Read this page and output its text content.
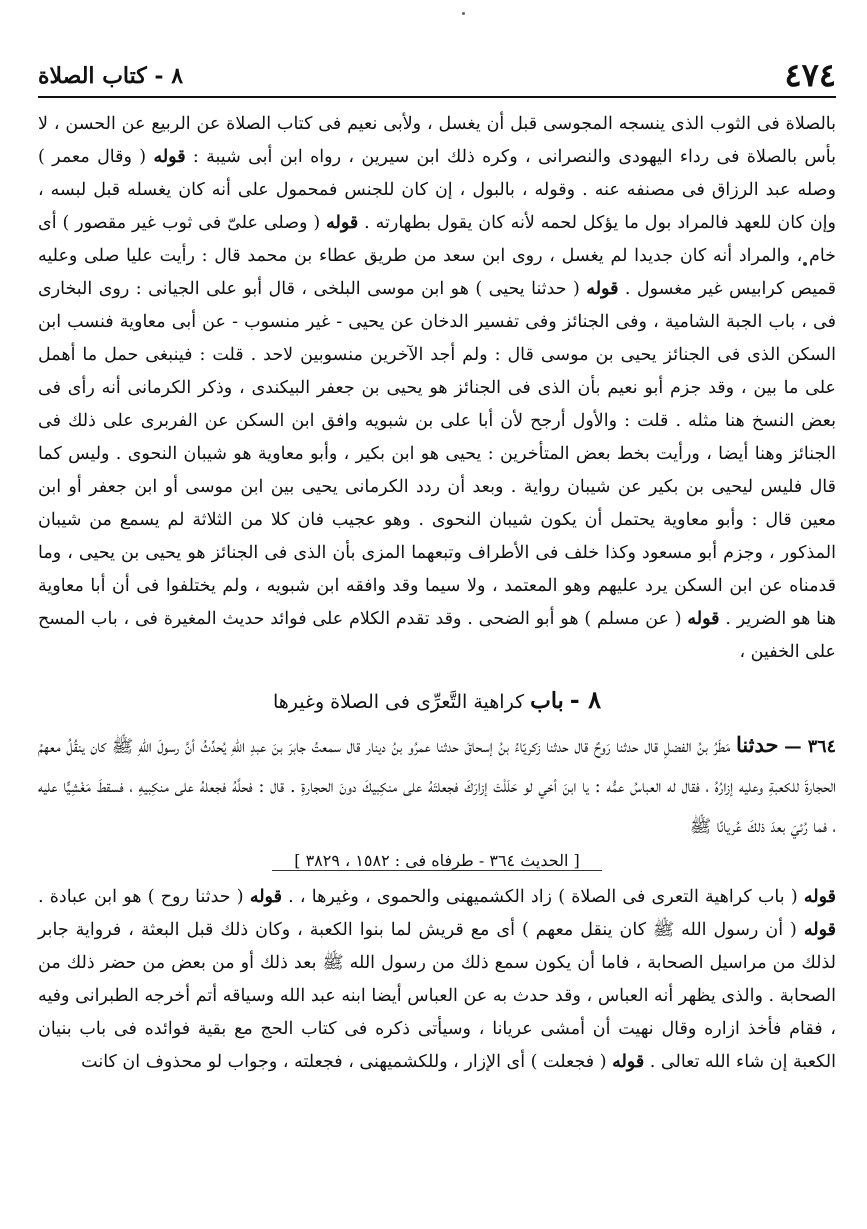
٤٧٤
٨ - كتاب الصلاة
بالصلاة فى الثوب الذى ينسجه المجوسى قبل أن يغسل ، ولأبى نعيم فى كتاب الصلاة عن الربيع عن الحسن ، لا بأس بالصلاة فى رداء اليهودى والنصرانى ، وكره ذلك ابن سيرين ، رواه ابن أبى شيبة : قوله ( وقال معمر ) وصله عبد الرزاق فى مصنفه عنه . وقوله ، بالبول ، إن كان للجنس فمحمول على أنه كان يغسله قبل لبسه ، وإن كان للعهد فالمراد بول ما يؤكل لحمه لأنه كان يقول بطهارته . قوله ( وصلى علىّ فى ثوب غير مقصور ) أى خام ، والمراد أنه كان جديدا لم يغسل ، روى ابن سعد من طريق عطاء بن محمد قال : رأيت عليا صلى وعليه قميص كرابيس غير مغسول . قوله ( حدثنا يحيى ) هو ابن موسى البلخى ، قال أبو على الجيانى : روى البخارى فى ، باب الجبة الشامية ، وفى الجنائز وفى تفسير الدخان عن يحيى - غير منسوب - عن أبى معاوية فنسب ابن السكن الذى فى الجنائز يحيى بن موسى قال : ولم أجد الآخرين منسوبين لاحد . قلت : فينبغى حمل ما أهمل على ما بين ، وقد جزم أبو نعيم بأن الذى فى الجنائز هو يحيى بن جعفر البيكندى ، وذكر الكرمانى أنه رأى فى بعض النسخ هنا مثله . قلت : والأول أرجح لأن أبا على بن شبويه وافق ابن السكن عن الفربرى على ذلك فى الجنائز وهنا أيضا ، ورأيت بخط بعض المتأخرين : يحيى هو ابن بكير ، وأبو معاوية هو شيبان النحوى . وليس كما قال فليس ليحيى بن بكير عن شيبان رواية . وبعد أن ردد الكرمانى يحيى بين ابن موسى أو ابن جعفر أو ابن معين قال : وأبو معاوية يحتمل أن يكون شيبان النحوى . وهو عجيب فان كلا من الثلاثة لم يسمع من شيبان المذكور ، وجزم أبو مسعود وكذا خلف فى الأطراف وتبعهما المزى بأن الذى فى الجنائز هو يحيى بن يحيى ، وما قدمناه عن ابن السكن يرد عليهم وهو المعتمد ، ولا سيما وقد وافقه ابن شبويه ، ولم يختلفوا فى أن أبا معاوية هنا هو الضرير . قوله ( عن مسلم ) هو أبو الضحى . وقد تقدم الكلام على فوائد حديث المغيرة فى ، باب المسح على الخفين ،
٨ - باب كراهية التَّعرِّى فى الصلاة وغيرها
٣٦٤ — حدثنا مَطَرُ بنُ الفضلِ قال حدثنا رَوحٌ قال حدثنا زكريّاءُ بنُ إسحاقَ حدثنا عمرُو بنُ دينار قال سمعتُ جابرَ بنَ عبدِ اللهِ يُحدِّثُ أنَّ رسولَ اللهِ ﷺ كان ينقُلُ معهمُ الحجارةَ للكعبةِ وعليه إزارُهُ ، فقال له العباسُ عمُّه : يا ابنَ أخي لو حَلَلْتَ إزارَكَ فجعلتَهُ على منكِبيكَ دونَ الحجارةِ . قال : فحلَّهُ فجعلهُ على منكِبيهِ ، فسقطَ مَغْشِيًّا عليه ، فما رُئيَ بعدَ ذلكَ عُريانًا ﷺ
[ الحديث ٣٦٤ - طرفاه فى : ١٥٨٢ ، ٣٨٢٩ ]
قوله ( باب كراهية التعرى فى الصلاة ) زاد الكشميهنى والحموى ، وغيرها ، . قوله ( حدثنا روح ) هو ابن عبادة . قوله ( أن رسول الله ﷺ كان ينقل معهم ) أى مع قريش لما بنوا الكعبة ، وكان ذلك قبل البعثة ، فرواية جابر لذلك من مراسيل الصحابة ، فاما أن يكون سمع ذلك من رسول الله ﷺ بعد ذلك أو من بعض من حضر ذلك من الصحابة . والذى يظهر أنه العباس ، وقد حدث به عن العباس أيضا ابنه عبد الله وسياقه أتم أخرجه الطبرانى وفيه ، فقام فأخذ ازاره وقال نهيت أن أمشى عريانا ، وسيأتى ذكره فى كتاب الحج مع بقية فوائده فى باب بنيان الكعبة إن شاء الله تعالى . قوله ( فجعلت ) أى الإزار ، وللكشميهنى ، فجعلته ، وجواب لو محذوف ان كانت
